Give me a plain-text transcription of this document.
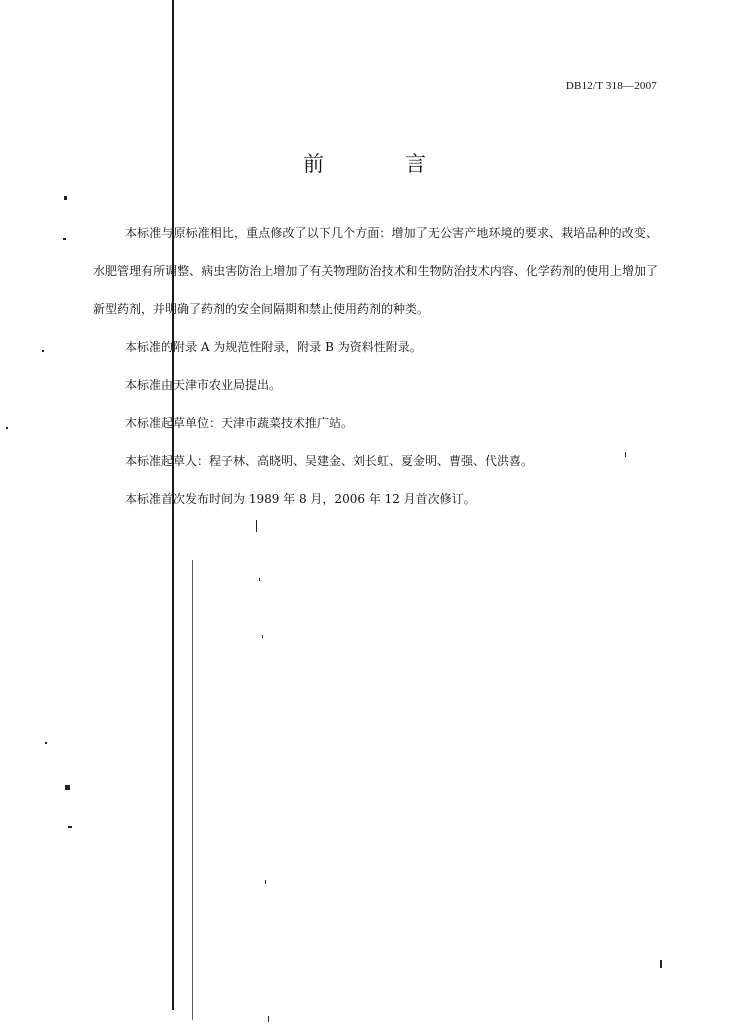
DB12/T 318—2007
前　言

本标准与原标准相比，重点修改了以下几个方面：增加了无公害产地环境的要求、栽培品种的改变、水肥管理有所调整、病虫害防治上增加了有关物理防治技术和生物防治技术内容、化学药剂的使用上增加了新型药剂，并明确了药剂的安全间隔期和禁止使用药剂的种类。

本标准的附录 A 为规范性附录，附录 B 为资料性附录。

本标准由天津市农业局提出。

木标准起草单位：天津市蔬菜技术推广站。

本标准起草人：程子林、高晓明、吴建金、刘长虹、夏金明、曹强、代洪喜。

本标准首次发布时间为 1989 年 8 月，2006 年 12 月首次修订。
